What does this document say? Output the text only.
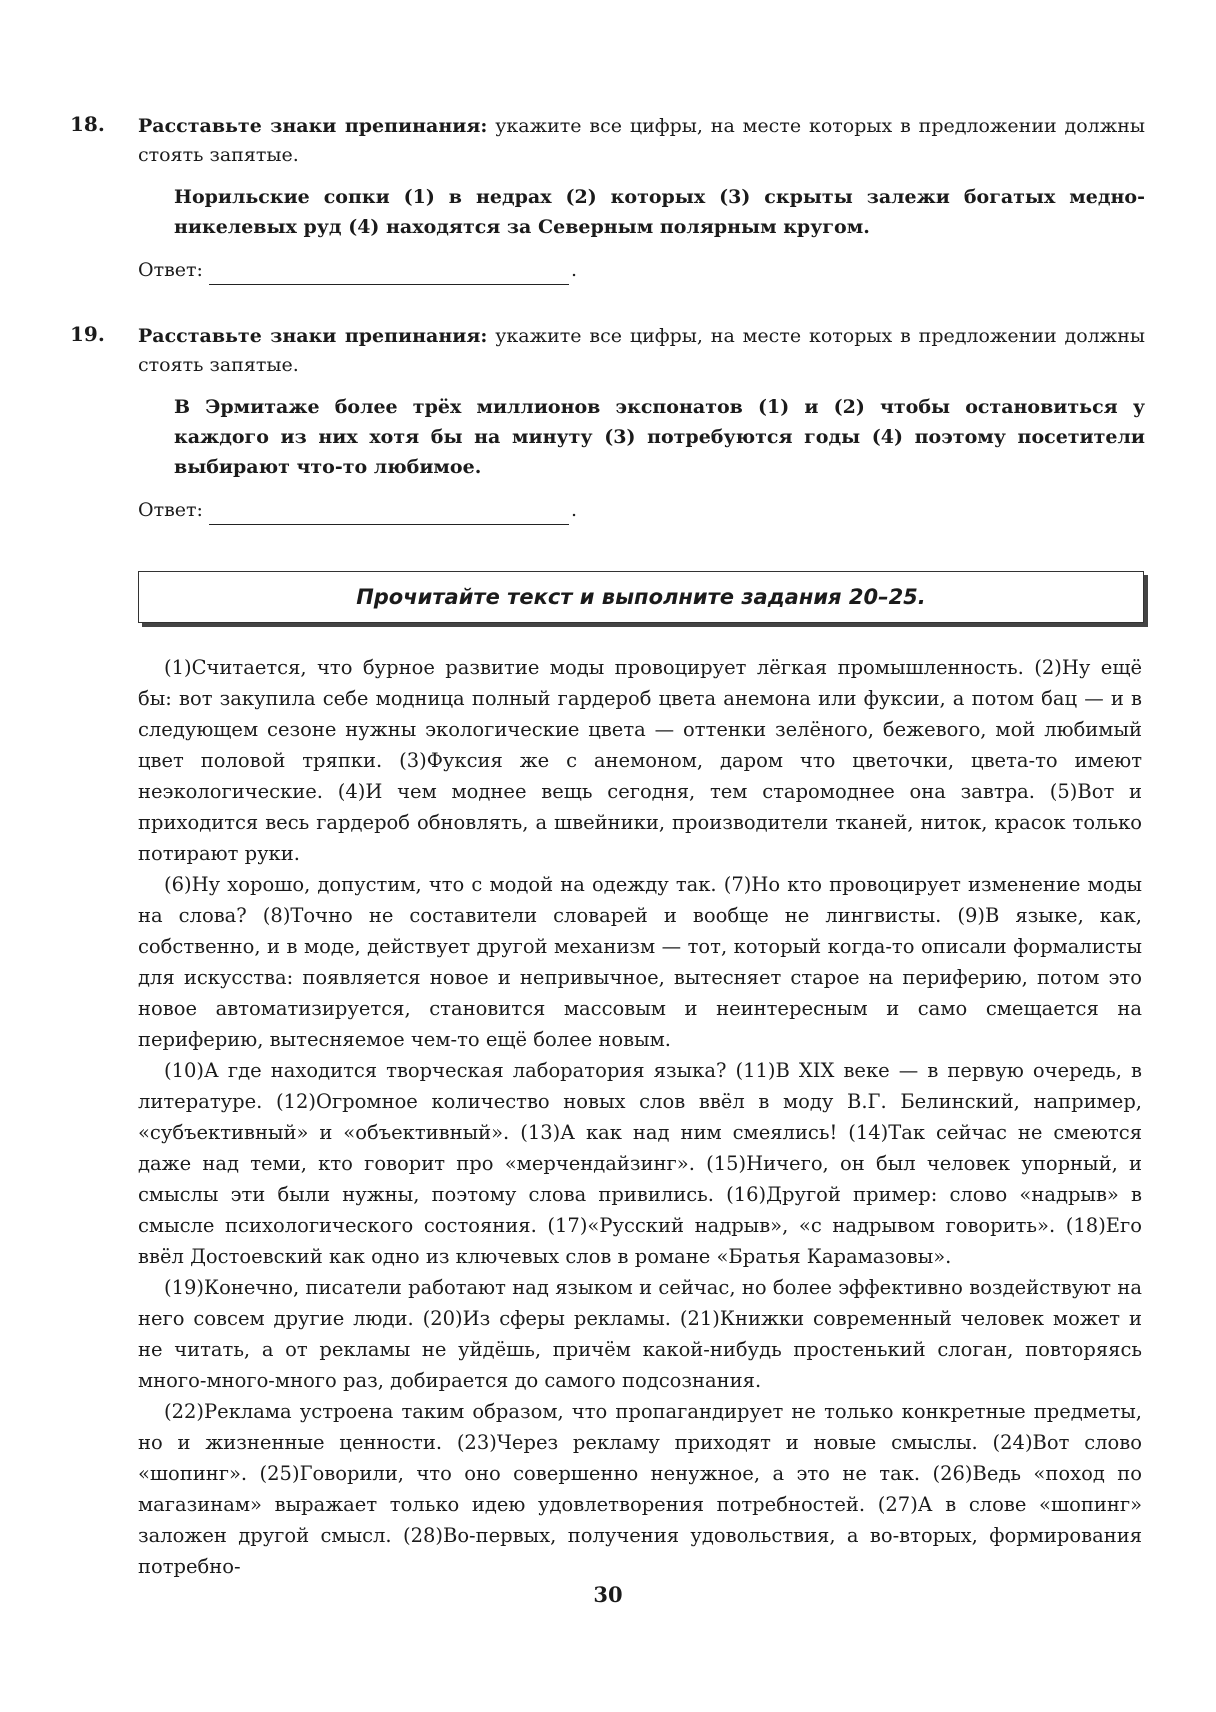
18. Расставьте знаки препинания: укажите все цифры, на месте которых в предложении должны стоять запятые.
Норильские сопки (1) в недрах (2) которых (3) скрыты залежи богатых медно-никелевых руд (4) находятся за Северным полярным кругом.
Ответ:	.
19. Расставьте знаки препинания: укажите все цифры, на месте которых в предложении должны стоять запятые.
В Эрмитаже более трёх миллионов экспонатов (1) и (2) чтобы остановиться у каждого из них хотя бы на минуту (3) потребуются годы (4) поэтому посетители выбирают что-то любимое.
Ответ:	.
Прочитайте текст и выполните задания 20–25.

(1)Считается, что бурное развитие моды провоцирует лёгкая промышленность. (2)Ну ещё бы: вот закупила себе модница полный гардероб цвета анемона или фуксии, а потом бац — и в следующем сезоне нужны экологические цвета — оттенки зелёного, бежевого, мой любимый цвет половой тряпки. (3)Фуксия же с анемоном, даром что цветочки, цвета-то имеют неэкологические. (4)И чем моднее вещь сегодня, тем старомоднее она завтра. (5)Вот и приходится весь гардероб обновлять, а швейники, производители тканей, ниток, красок только потирают руки.

(6)Ну хорошо, допустим, что с модой на одежду так. (7)Но кто провоцирует изменение моды на слова? (8)Точно не составители словарей и вообще не лингвисты. (9)В языке, как, собственно, и в моде, действует другой механизм — тот, который когда-то описали формалисты для искусства: появляется новое и непривычное, вытесняет старое на периферию, потом это новое автоматизируется, становится массовым и неинтересным и само смещается на периферию, вытесняемое чем-то ещё более новым.

(10)А где находится творческая лаборатория языка? (11)В XIX веке — в первую очередь, в литературе. (12)Огромное количество новых слов ввёл в моду В.Г. Белинский, например, «субъективный» и «объективный». (13)А как над ним смеялись! (14)Так сейчас не смеются даже над теми, кто говорит про «мерчендайзинг». (15)Ничего, он был человек упорный, и смыслы эти были нужны, поэтому слова привились. (16)Другой пример: слово «надрыв» в смысле психологического состояния. (17)«Русский надрыв», «с надрывом говорить». (18)Его ввёл Достоевский как одно из ключевых слов в романе «Братья Карамазовы».

(19)Конечно, писатели работают над языком и сейчас, но более эффективно воздействуют на него совсем другие люди. (20)Из сферы рекламы. (21)Книжки современный человек может и не читать, а от рекламы не уйдёшь, причём какой-нибудь простенький слоган, повторяясь много-много-много раз, добирается до самого подсознания.

(22)Реклама устроена таким образом, что пропагандирует не только конкретные предметы, но и жизненные ценности. (23)Через рекламу приходят и новые смыслы. (24)Вот слово «шопинг». (25)Говорили, что оно совершенно ненужное, а это не так. (26)Ведь «поход по магазинам» выражает только идею удовлетворения потребностей. (27)А в слове «шопинг» заложен другой смысл. (28)Во-первых, получения удовольствия, а во-вторых, формирования потребно-

30
